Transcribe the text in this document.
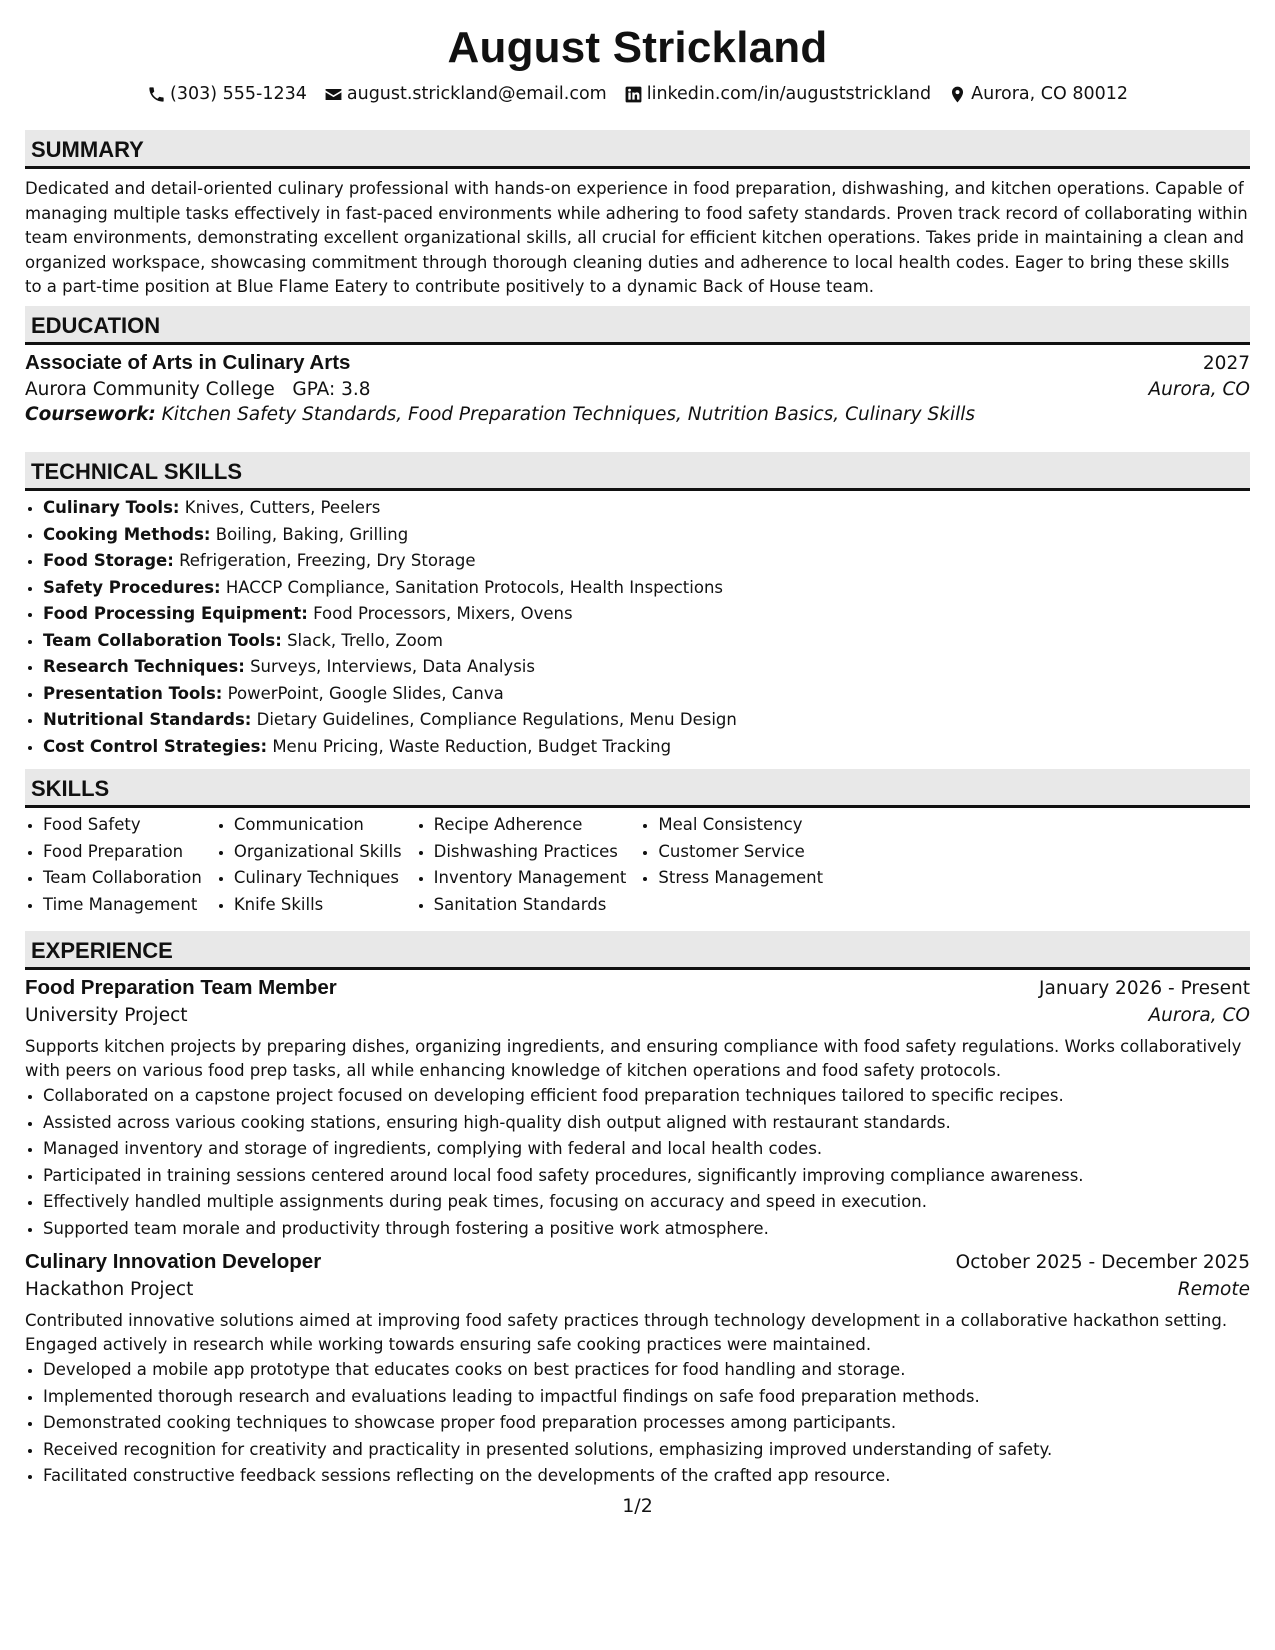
August Strickland
(303) 555-1234 august.strickland@email.com linkedin.com/in/auguststrickland Aurora, CO 80012
SUMMARY
Dedicated and detail-oriented culinary professional with hands-on experience in food preparation, dishwashing, and kitchen operations. Capable of managing multiple tasks effectively in fast-paced environments while adhering to food safety standards. Proven track record of collaborating within team environments, demonstrating excellent organizational skills, all crucial for efficient kitchen operations. Takes pride in maintaining a clean and organized workspace, showcasing commitment through thorough cleaning duties and adherence to local health codes. Eager to bring these skills to a part-time position at Blue Flame Eatery to contribute positively to a dynamic Back of House team.
EDUCATION
Associate of Arts in Culinary Arts	2027
Aurora Community College GPA: 3.8	Aurora, CO
Coursework: Kitchen Safety Standards, Food Preparation Techniques, Nutrition Basics, Culinary Skills
TECHNICAL SKILLS
• Culinary Tools: Knives, Cutters, Peelers
• Cooking Methods: Boiling, Baking, Grilling
• Food Storage: Refrigeration, Freezing, Dry Storage
• Safety Procedures: HACCP Compliance, Sanitation Protocols, Health Inspections
• Food Processing Equipment: Food Processors, Mixers, Ovens
• Team Collaboration Tools: Slack, Trello, Zoom
• Research Techniques: Surveys, Interviews, Data Analysis
• Presentation Tools: PowerPoint, Google Slides, Canva
• Nutritional Standards: Dietary Guidelines, Compliance Regulations, Menu Design
• Cost Control Strategies: Menu Pricing, Waste Reduction, Budget Tracking
SKILLS
• Food Safety
• Food Preparation
• Team Collaboration
• Time Management
• Communication
• Organizational Skills
• Culinary Techniques
• Knife Skills
• Recipe Adherence
• Dishwashing Practices
• Inventory Management
• Sanitation Standards
• Meal Consistency
• Customer Service
• Stress Management
EXPERIENCE
Food Preparation Team Member	January 2026 - Present
University Project	Aurora, CO
Supports kitchen projects by preparing dishes, organizing ingredients, and ensuring compliance with food safety regulations. Works collaboratively with peers on various food prep tasks, all while enhancing knowledge of kitchen operations and food safety protocols.
• Collaborated on a capstone project focused on developing efficient food preparation techniques tailored to specific recipes.
• Assisted across various cooking stations, ensuring high-quality dish output aligned with restaurant standards.
• Managed inventory and storage of ingredients, complying with federal and local health codes.
• Participated in training sessions centered around local food safety procedures, significantly improving compliance awareness.
• Effectively handled multiple assignments during peak times, focusing on accuracy and speed in execution.
• Supported team morale and productivity through fostering a positive work atmosphere.
Culinary Innovation Developer	October 2025 - December 2025
Hackathon Project	Remote
Contributed innovative solutions aimed at improving food safety practices through technology development in a collaborative hackathon setting. Engaged actively in research while working towards ensuring safe cooking practices were maintained.
• Developed a mobile app prototype that educates cooks on best practices for food handling and storage.
• Implemented thorough research and evaluations leading to impactful findings on safe food preparation methods.
• Demonstrated cooking techniques to showcase proper food preparation processes among participants.
• Received recognition for creativity and practicality in presented solutions, emphasizing improved understanding of safety.
• Facilitated constructive feedback sessions reflecting on the developments of the crafted app resource.
1/2
